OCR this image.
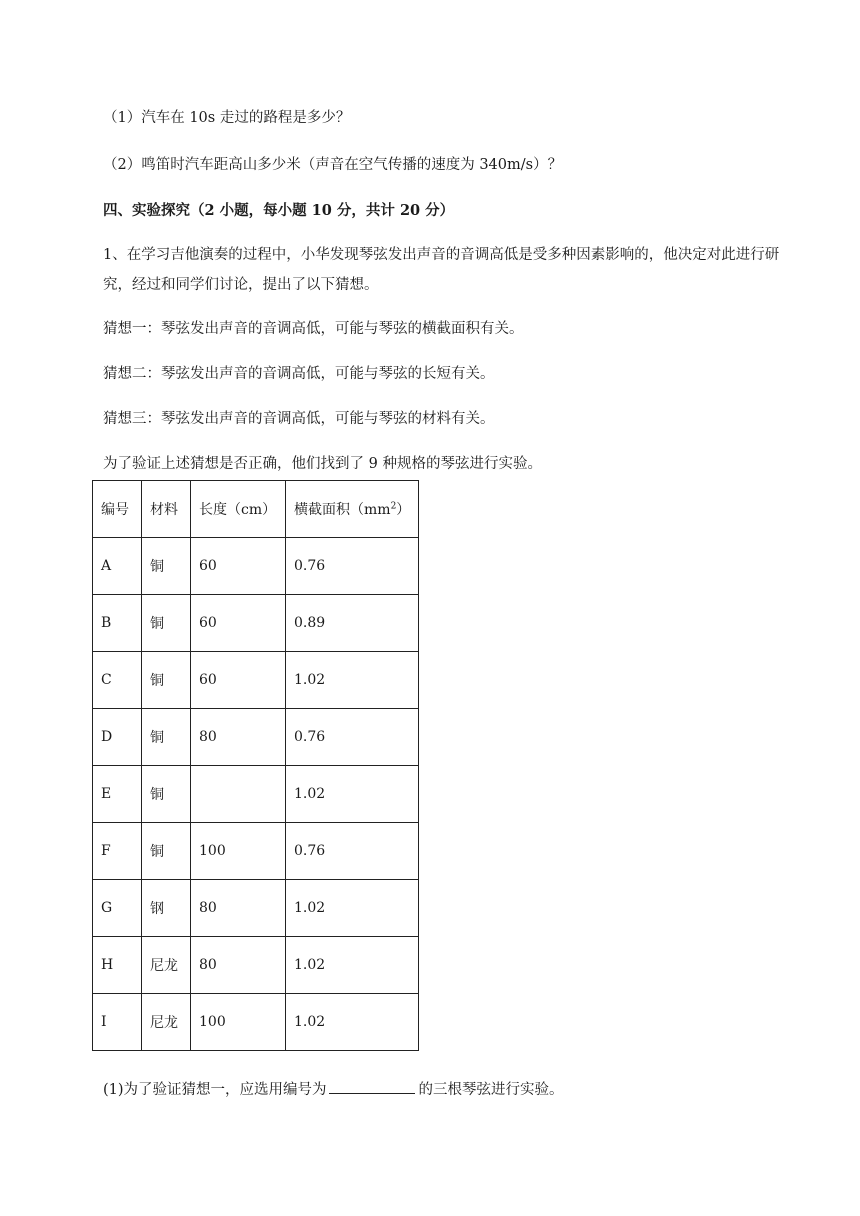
（1）汽车在 10s 走过的路程是多少？
（2）鸣笛时汽车距高山多少米（声音在空气传播的速度为 340m/s）？
四、实验探究（2 小题，每小题 10 分，共计 20 分）
1、在学习吉他演奏的过程中，小华发现琴弦发出声音的音调高低是受多种因素影响的，他决定对此进行研究，经过和同学们讨论，提出了以下猜想。
猜想一：琴弦发出声音的音调高低，可能与琴弦的横截面积有关。
猜想二：琴弦发出声音的音调高低，可能与琴弦的长短有关。
猜想三：琴弦发出声音的音调高低，可能与琴弦的材料有关。
为了验证上述猜想是否正确，他们找到了 9 种规格的琴弦进行实验。
编号	材料	长度（cm）	横截面积$(mm^2)$
A	铜	60	0.76
B	铜	60	0.89
C	铜	60	1.02
D	铜	80	0.76
E	铜		1.02
F	铜	100	0.76
G	钢	80	1.02
H	尼龙	80	1.02
I	尼龙	100	1.02
(1)为了验证猜想一，应选用编号为	的三根琴弦进行实验。
